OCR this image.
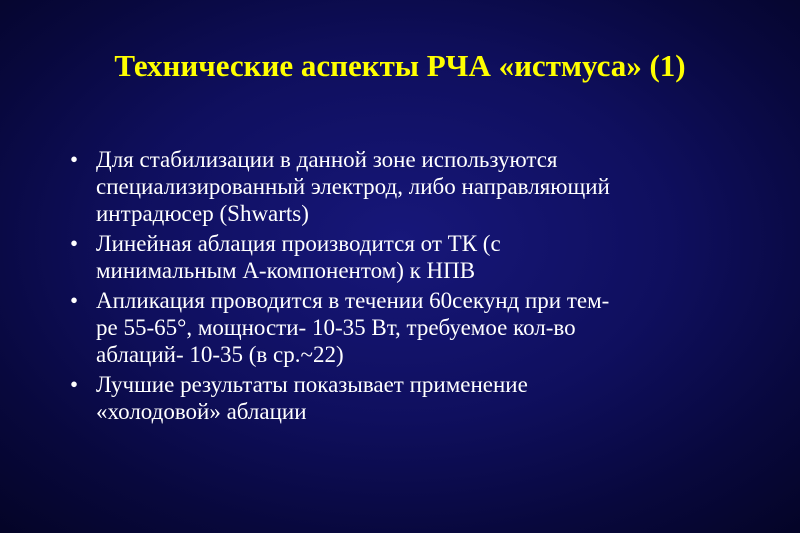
Технические аспекты РЧА «истмуса» (1)
• Для стабилизации в данной зоне используются
специализированный электрод, либо направляющий
интрадюсер (Shwarts)
• Линейная аблация производится от ТК (с
минимальным А-компонентом) к НПВ
• Апликация проводится в течении 60секунд при тем-
ре 55-65°, мощности- 10-35 Вт, требуемое кол-во
аблаций- 10-35 (в ср.~22)
• Лучшие результаты показывает применение
«холодовой» аблации
